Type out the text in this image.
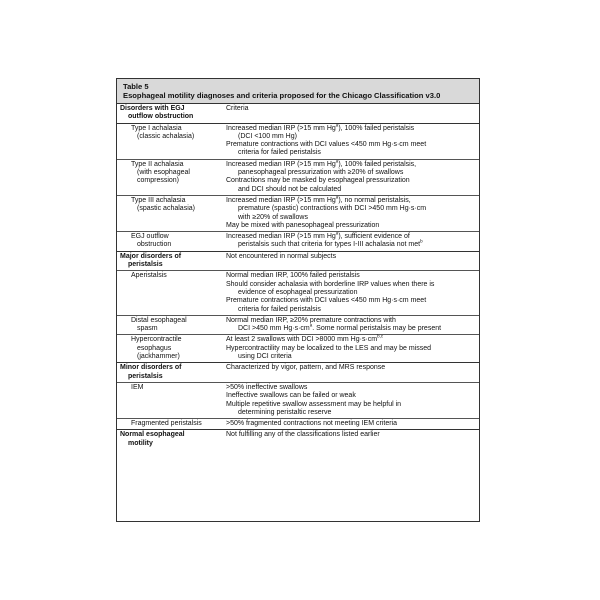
Table 5
Esophageal motility diagnoses and criteria proposed for the Chicago Classification v3.0
Disorders with EGJ
outflow obstruction	Criteria

Type I achalasia
(classic achalasia)	Increased median IRP (>15 mm Hg$^a$), 100% failed peristalsis
(DCI <100 mm Hg)
Premature contractions with DCI values <450 mm Hg·s·cm meet
criteria for failed peristalsis

Type II achalasia
(with esophageal
compression)	Increased median IRP (>15 mm Hg$^a$), 100% failed peristalsis,
panesophageal pressurization with ≥20% of swallows
Contractions may be masked by esophageal pressurization
and DCI should not be calculated

Type III achalasia
(spastic achalasia)	Increased median IRP (>15 mm Hg$^a$), no normal peristalsis,
premature (spastic) contractions with DCI >450 mm Hg·s·cm
with ≥20% of swallows
May be mixed with panesophageal pressurization

EGJ outflow
obstruction	Increased median IRP (>15 mm Hg$^a$), sufficient evidence of
peristalsis such that criteria for types I-III achalasia not met$^b$

Major disorders of
peristalsis	Not encountered in normal subjects

Aperistalsis	Normal median IRP, 100% failed peristalsis
Should consider achalasia with borderline IRP values when there is
evidence of esophageal pressurization
Premature contractions with DCI values <450 mm Hg·s·cm meet
criteria for failed peristalsis

Distal esophageal
spasm	Normal median IRP, ≥20% premature contractions with
DCI >450 mm $Hg\cdot s\cdot cm^a$. Some normal peristalsis may be present

Hypercontractile
esophagus
(jackhammer)	At least 2 swallows with DCI >8000 mm Hg·s·cm$^{b,c}$
Hypercontractility may be localized to the LES and may be missed
using DCI criteria

Minor disorders of
peristalsis	Characterized by vigor, pattern, and MRS response

IEM	>50% ineffective swallows
Ineffective swallows can be failed or weak
Multiple repetitive swallow assessment may be helpful in
determining peristaltic reserve

Fragmented peristalsis	>50% fragmented contractions not meeting IEM criteria

Normal esophageal
motility	Not fulfilling any of the classifications listed earlier
